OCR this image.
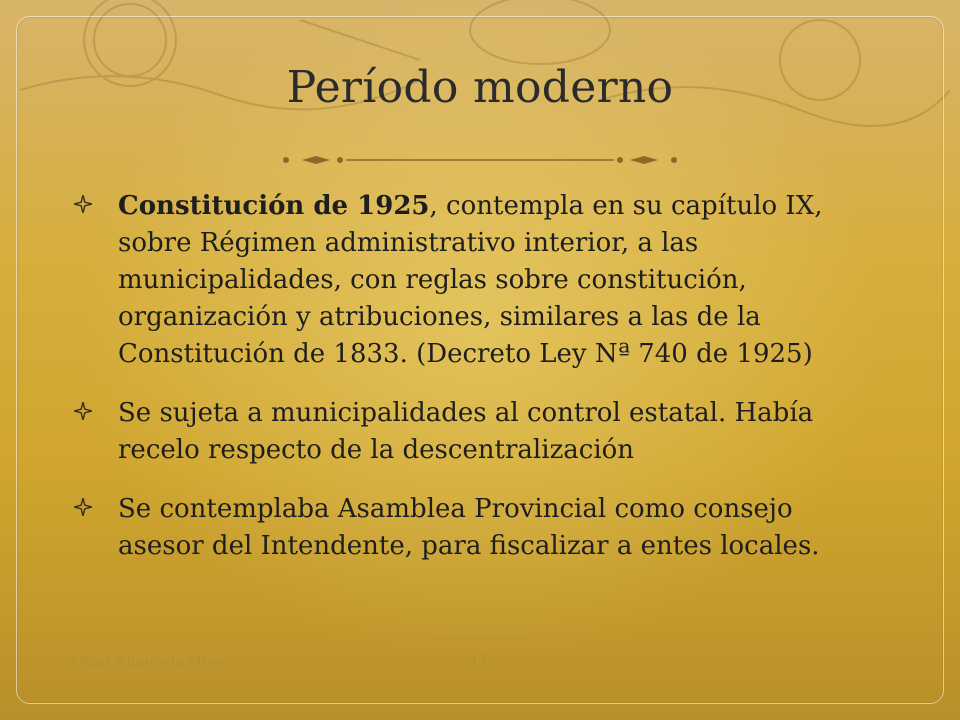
Período moderno
Constitución de 1925, contempla en su capítulo IX, sobre Régimen administrativo interior, a las municipalidades, con reglas sobre constitución, organización y atribuciones, similares a las de la Constitución de 1833. (Decreto Ley Nª 740 de 1925)
Se sujeta a municipalidades al control estatal. Había recelo respecto de la descentralización
Se contemplaba Asamblea Provincial como consejo asesor del Intendente, para fiscalizar a entes locales.
Omar Ahumada Mora	17
